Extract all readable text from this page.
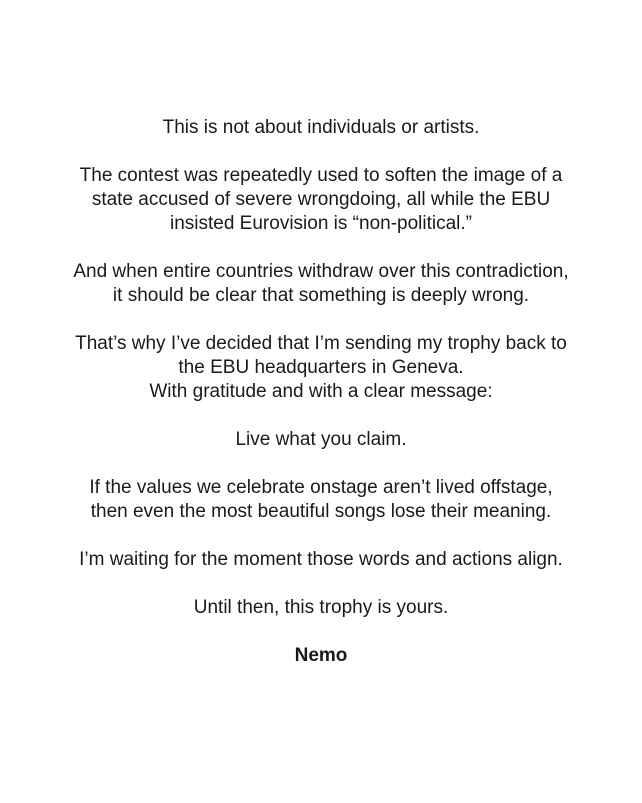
This is not about individuals or artists.

The contest was repeatedly used to soften the image of a
state accused of severe wrongdoing, all while the EBU
insisted Eurovision is “non-political.”

And when entire countries withdraw over this contradiction,
it should be clear that something is deeply wrong.

That’s why I’ve decided that I’m sending my trophy back to
the EBU headquarters in Geneva.
With gratitude and with a clear message:

Live what you claim.

If the values we celebrate onstage aren’t lived offstage,
then even the most beautiful songs lose their meaning.

I’m waiting for the moment those words and actions align.

Until then, this trophy is yours.

Nemo
